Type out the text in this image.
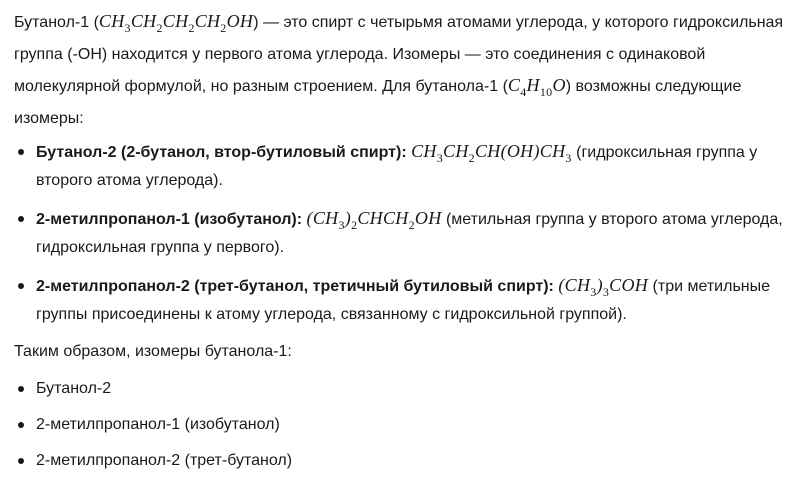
Бутанол-1 $(CH_3CH_2CH_2CH_2OH)$ — это спирт с четырьмя атомами углерода, у которого гидроксильная группа (-OH) находится у первого атома углерода. Изомеры — это соединения с одинаковой молекулярной формулой, но разным строением. Для бутанола-1 $(C_4H_{10}O)$ возможны следующие изомеры:

Бутанол-2 (2-бутанол, втор-бутиловый спирт): $CH_3CH_2CH(OH)CH_3$ (гидроксильная группа у второго атома углерода).
2-метилпропанол-1 (изобутанол): $(CH_3)_2CHCH_2OH$ (метильная группа у второго атома углерода, гидроксильная группа у первого).
2-метилпропанол-2 (трет-бутанол, третичный бутиловый спирт): $(CH_3)_3COH$ (три метильные группы присоединены к атому углерода, связанному с гидроксильной группой).

Таким образом, изомеры бутанола-1:

Бутанол-2
2-метилпропанол-1 (изобутанол)
2-метилпропанол-2 (трет-бутанол)
